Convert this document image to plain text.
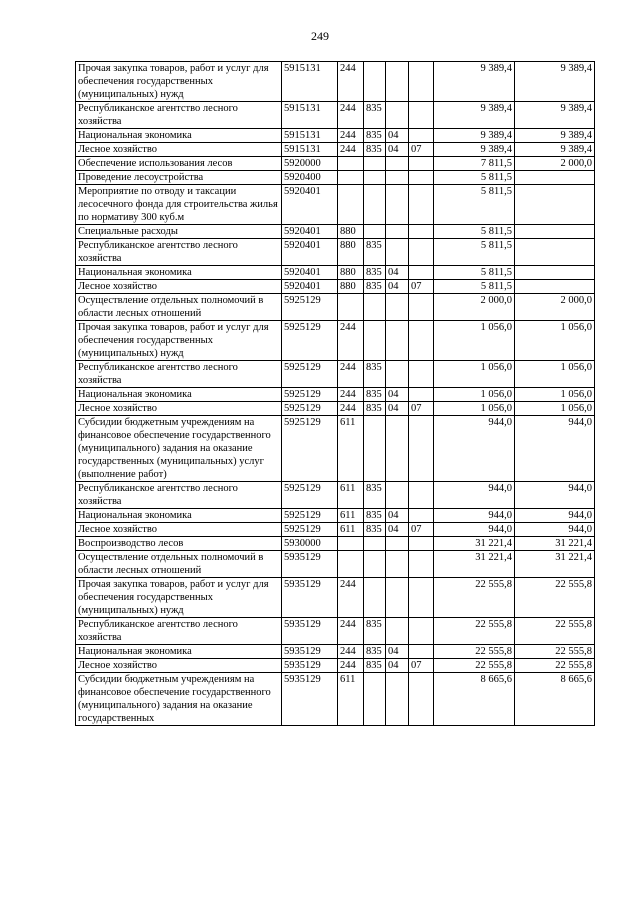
249
Прочая закупка товаров, работ и услуг для обеспечения государственных (муниципальных) нужд	5915131	244				9 389,4	9 389,4
Республиканское агентство лесного хозяйства	5915131	244	835			9 389,4	9 389,4
Национальная экономика	5915131	244	835	04		9 389,4	9 389,4
Лесное хозяйство	5915131	244	835	04	07	9 389,4	9 389,4
Обеспечение использования лесов	5920000					7 811,5	2 000,0
Проведение лесоустройства	5920400					5 811,5	
Мероприятие по отводу и таксации лесосечного фонда для строительства жилья по нормативу 300 куб.м	5920401					5 811,5	
Специальные расходы	5920401	880				5 811,5	
Республиканское агентство лесного хозяйства	5920401	880	835			5 811,5	
Национальная экономика	5920401	880	835	04		5 811,5	
Лесное хозяйство	5920401	880	835	04	07	5 811,5	
Осуществление отдельных полномочий в области лесных отношений	5925129					2 000,0	2 000,0
Прочая закупка товаров, работ и услуг для обеспечения государственных (муниципальных) нужд	5925129	244				1 056,0	1 056,0
Республиканское агентство лесного хозяйства	5925129	244	835			1 056,0	1 056,0
Национальная экономика	5925129	244	835	04		1 056,0	1 056,0
Лесное хозяйство	5925129	244	835	04	07	1 056,0	1 056,0
Субсидии бюджетным учреждениям на финансовое обеспечение государственного (муниципального) задания на оказание государственных (муниципальных) услуг (выполнение работ)	5925129	611				944,0	944,0
Республиканское агентство лесного хозяйства	5925129	611	835			944,0	944,0
Национальная экономика	5925129	611	835	04		944,0	944,0
Лесное хозяйство	5925129	611	835	04	07	944,0	944,0
Воспроизводство лесов	5930000					31 221,4	31 221,4
Осуществление отдельных полномочий в области лесных отношений	5935129					31 221,4	31 221,4
Прочая закупка товаров, работ и услуг для обеспечения государственных (муниципальных) нужд	5935129	244				22 555,8	22 555,8
Республиканское агентство лесного хозяйства	5935129	244	835			22 555,8	22 555,8
Национальная экономика	5935129	244	835	04		22 555,8	22 555,8
Лесное хозяйство	5935129	244	835	04	07	22 555,8	22 555,8
Субсидии бюджетным учреждениям на финансовое обеспечение государственного (муниципального) задания на оказание государственных	5935129	611				8 665,6	8 665,6
